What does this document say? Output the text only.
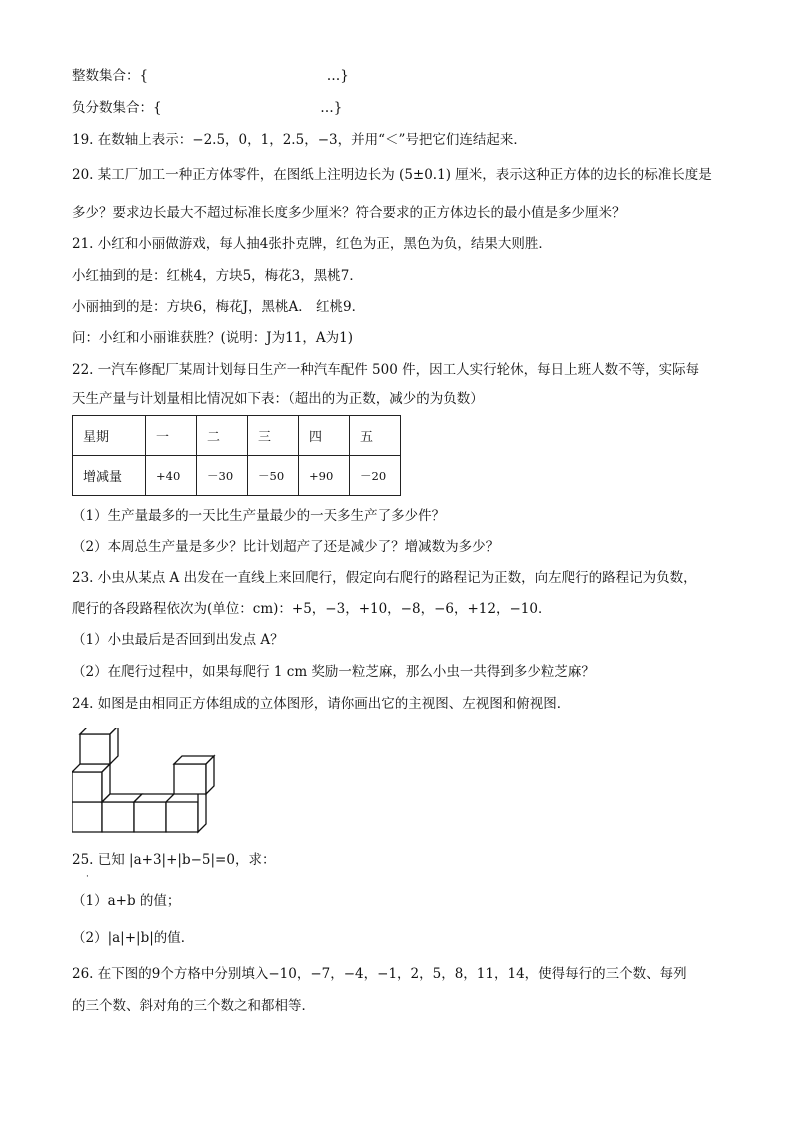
整数集合：{	…}
负分数集合：{	…}
19. 在数轴上表示：−2.5，0，1，2.5，−3，并用“＜”号把它们连结起来．
20. 某工厂加工一种正方体零件，在图纸上注明边长为 (5±0.1) 厘米，表示这种正方体的边长的标准长度是
多少？要求边长最大不超过标准长度多少厘米？符合要求的正方体边长的最小值是多少厘米？
21. 小红和小丽做游戏，每人抽4张扑克牌，红色为正，黑色为负，结果大则胜．
小红抽到的是：红桃4，方块5，梅花3，黑桃7．
小丽抽到的是：方块6，梅花J，黑桃A． 红桃9．
问：小红和小丽谁获胜？(说明：J为11，A为1)
22. 一汽车修配厂某周计划每日生产一种汽车配件 500 件，因工人实行轮休，每日上班人数不等，实际每
天生产量与计划量相比情况如下表：（超出的为正数，减少的为负数）
星期	一	二	三	四	五
增减量	+40	－30	－50	+90	－20
（1）生产量最多的一天比生产量最少的一天多生产了多少件？
（2）本周总生产量是多少？比计划超产了还是减少了？增减数为多少？
23. 小虫从某点 A 出发在一直线上来回爬行，假定向右爬行的路程记为正数，向左爬行的路程记为负数，
爬行的各段路程依次为(单位：cm)：+5，−3，+10，−8，−6，+12，−10．
（1）小虫最后是否回到出发点 A？
（2）在爬行过程中，如果每爬行 1 cm 奖励一粒芝麻，那么小虫一共得到多少粒芝麻？
24. 如图是由相同正方体组成的立体图形，请你画出它的主视图、左视图和俯视图．
25. 已知 |a+3|+|b−5|=0，求：
·
（1）a+b 的值；
（2）|a|+|b|的值．
26. 在下图的9个方格中分别填入−10，−7，−4，−1，2，5，8，11，14，使得每行的三个数、每列
的三个数、斜对角的三个数之和都相等．
